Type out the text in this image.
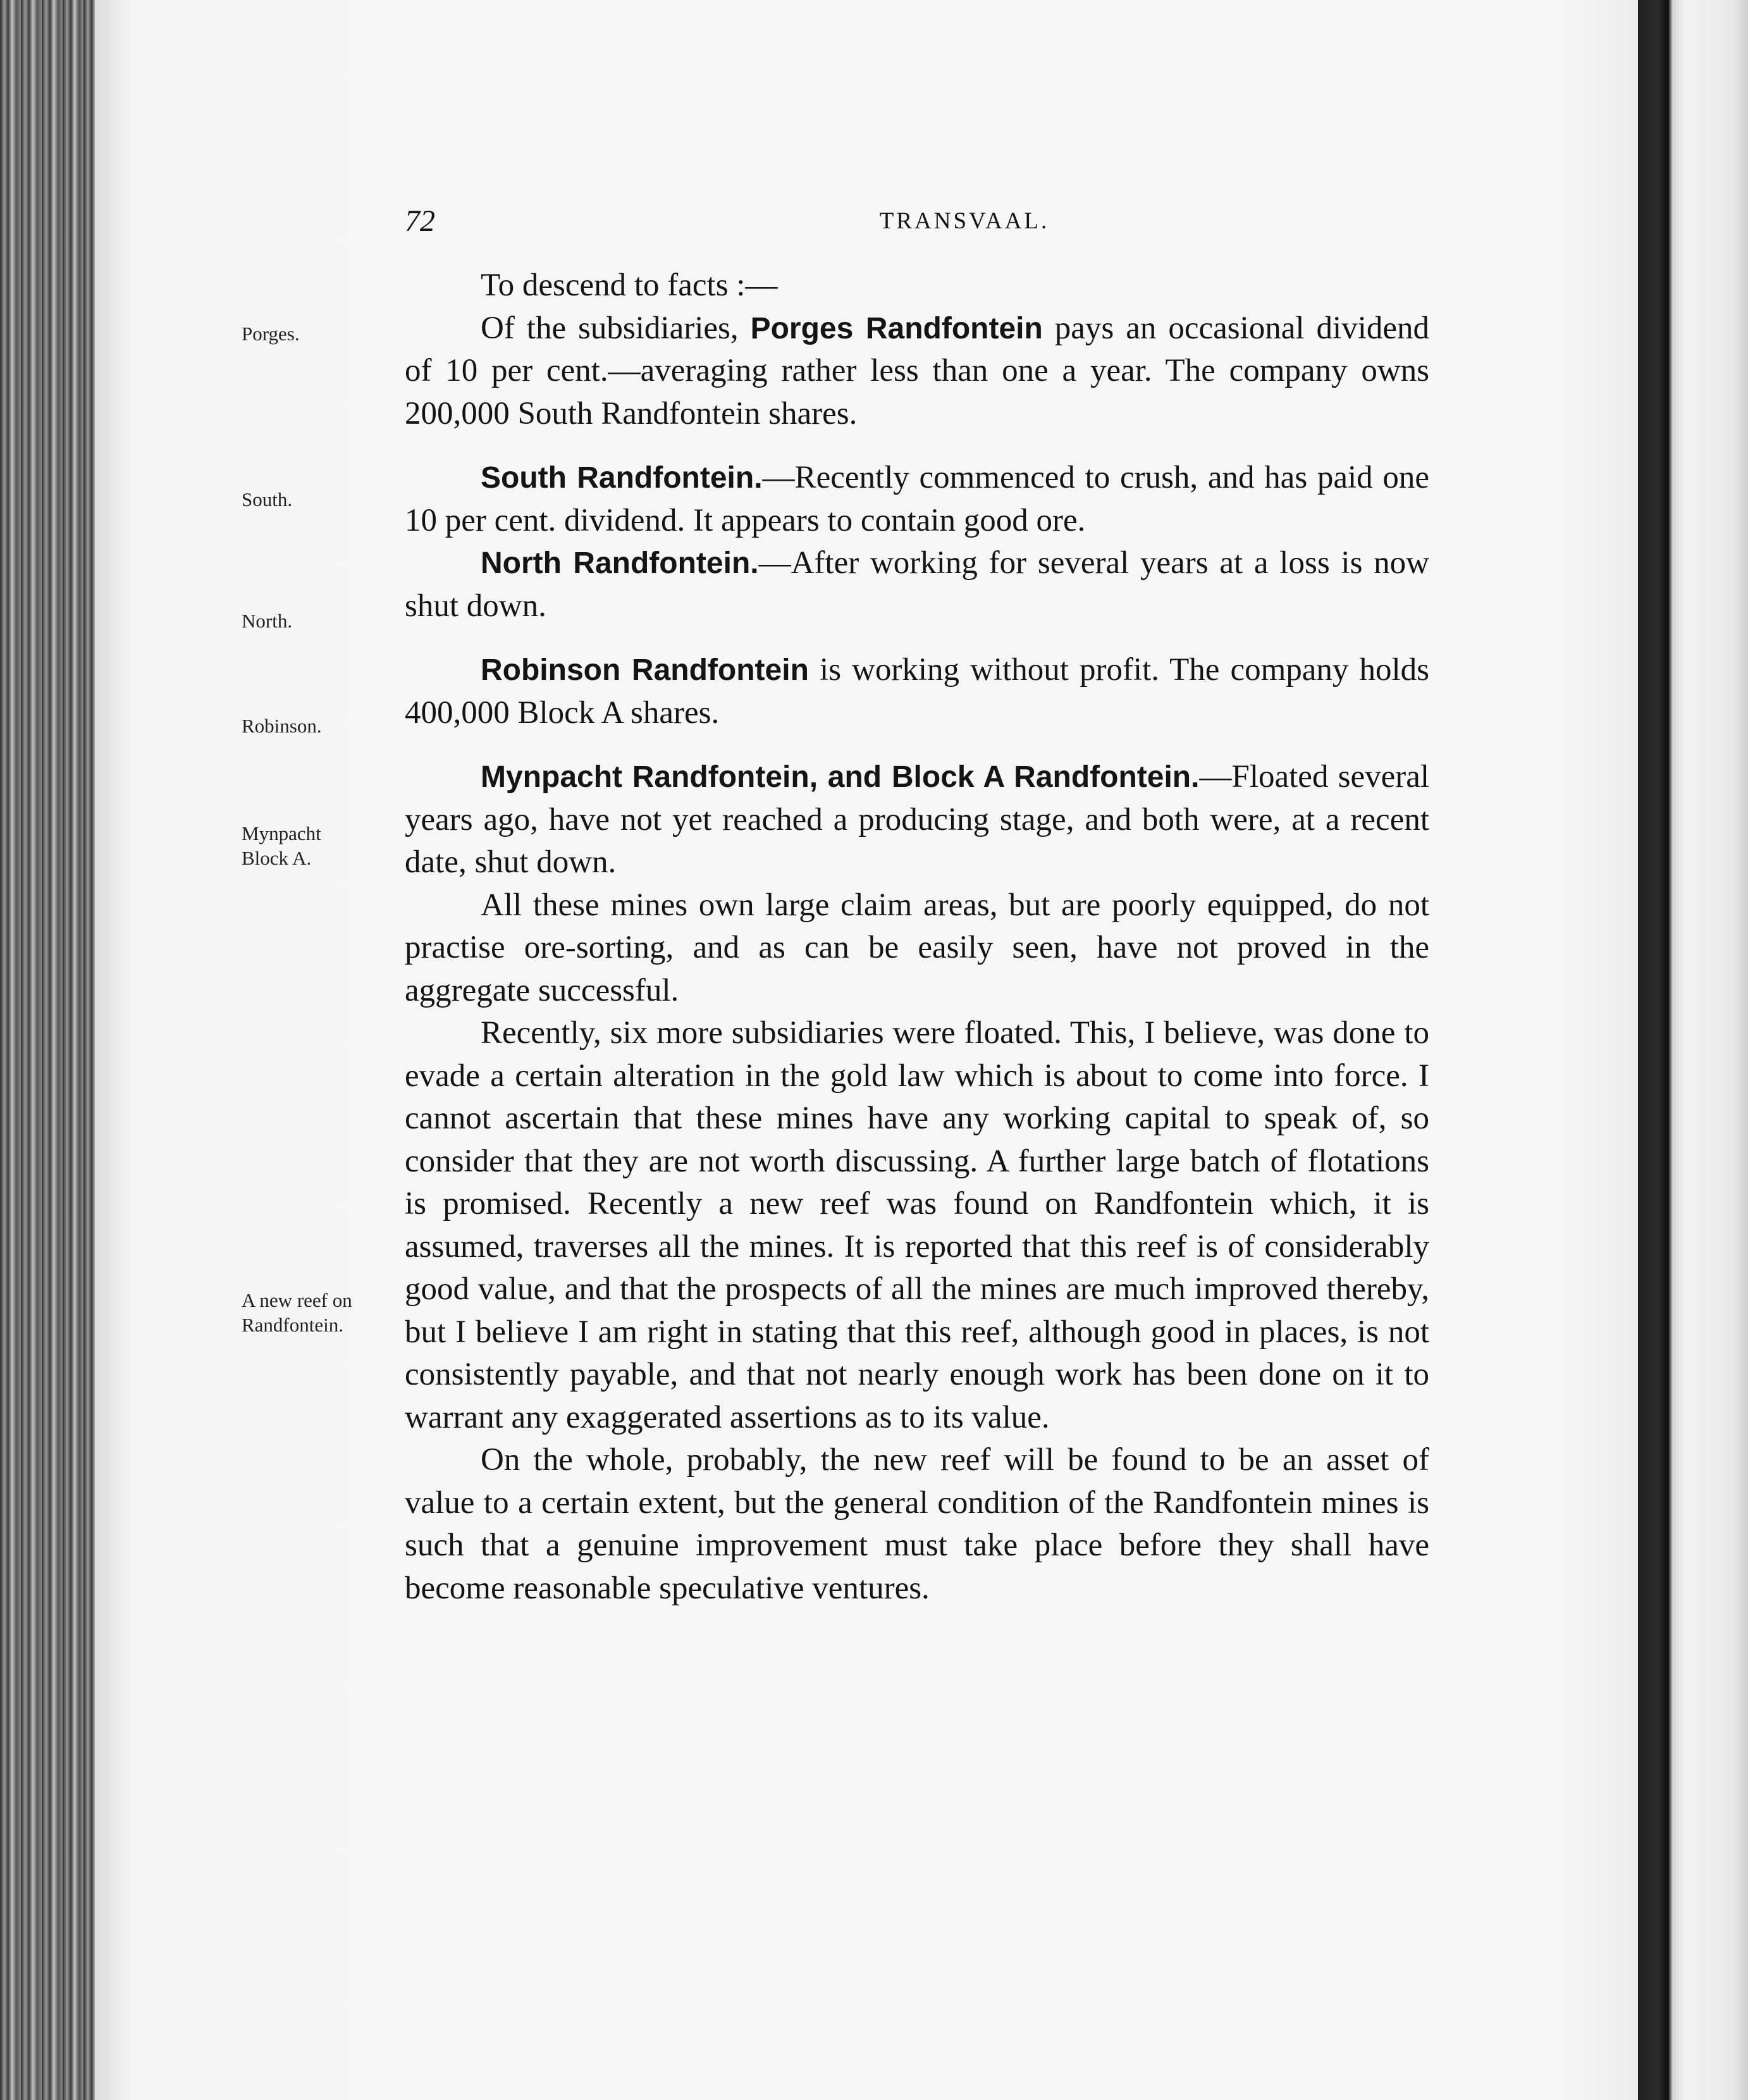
72	TRANSVAAL.
Porges.
South.
North.
Robinson.
Mynpacht
Block A.
A new reef on
Randfontein.

To descend to facts :—

Of the subsidiaries, Porges Randfontein pays an occasional dividend of 10 per cent.—averaging rather less than one a year. The company owns 200,000 South Randfontein shares.

South Randfontein.—Recently commenced to crush, and has paid one 10 per cent. dividend. It appears to contain good ore.

North Randfontein.—After working for several years at a loss is now shut down.

Robinson Randfontein is working without profit. The company holds 400,000 Block A shares.

Mynpacht Randfontein, and Block A Randfontein.—Floated several years ago, have not yet reached a producing stage, and both were, at a recent date, shut down.

All these mines own large claim areas, but are poorly equipped, do not practise ore-sorting, and as can be easily seen, have not proved in the aggregate successful.

Recently, six more subsidiaries were floated. This, I believe, was done to evade a certain alteration in the gold law which is about to come into force. I cannot ascertain that these mines have any working capital to speak of, so consider that they are not worth discussing. A further large batch of flotations is promised. Recently a new reef was found on Randfontein which, it is assumed, traverses all the mines. It is reported that this reef is of considerably good value, and that the prospects of all the mines are much improved thereby, but I believe I am right in stating that this reef, although good in places, is not consistently payable, and that not nearly enough work has been done on it to warrant any exaggerated assertions as to its value.

On the whole, probably, the new reef will be found to be an asset of value to a certain extent, but the general condition of the Randfontein mines is such that a genuine improvement must take place before they shall have become reasonable speculative ventures.
